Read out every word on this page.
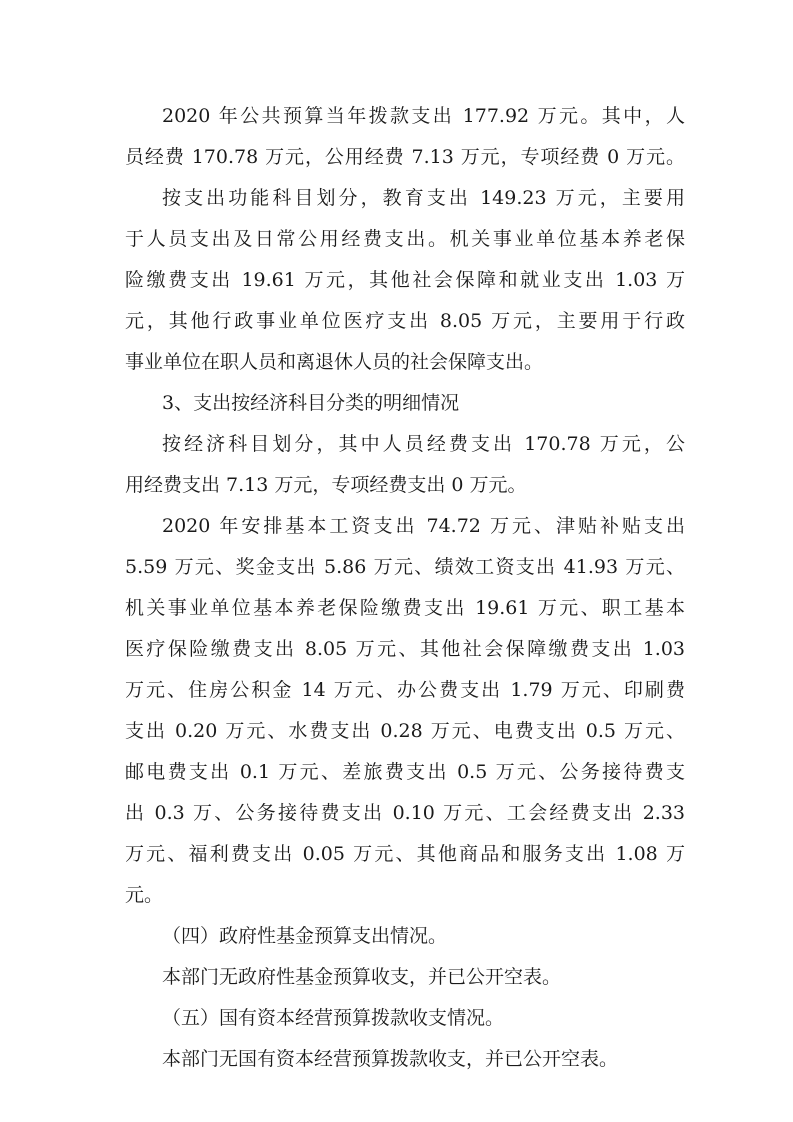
2020 年公共预算当年拨款支出 177.92 万元。其中，人

员经费 170.78 万元，公用经费 7.13 万元，专项经费 0 万元。

按支出功能科目划分，教育支出 149.23 万元，主要用

于人员支出及日常公用经费支出。机关事业单位基本养老保

险缴费支出 19.61 万元，其他社会保障和就业支出 1.03 万

元，其他行政事业单位医疗支出 8.05 万元，主要用于行政

事业单位在职人员和离退休人员的社会保障支出。

3、支出按经济科目分类的明细情况

按经济科目划分，其中人员经费支出 170.78 万元，公

用经费支出 7.13 万元，专项经费支出 0 万元。

2020 年安排基本工资支出 74.72 万元、津贴补贴支出

5.59 万元、奖金支出 5.86 万元、绩效工资支出 41.93 万元、

机关事业单位基本养老保险缴费支出 19.61 万元、职工基本

医疗保险缴费支出 8.05 万元、其他社会保障缴费支出 1.03

万元、住房公积金 14 万元、办公费支出 1.79 万元、印刷费

支出 0.20 万元、水费支出 0.28 万元、电费支出 0.5 万元、

邮电费支出 0.1 万元、差旅费支出 0.5 万元、公务接待费支

出 0.3 万、公务接待费支出 0.10 万元、工会经费支出 2.33

万元、福利费支出 0.05 万元、其他商品和服务支出 1.08 万

元。

（四）政府性基金预算支出情况。

本部门无政府性基金预算收支，并已公开空表。

（五）国有资本经营预算拨款收支情况。

本部门无国有资本经营预算拨款收支，并已公开空表。
